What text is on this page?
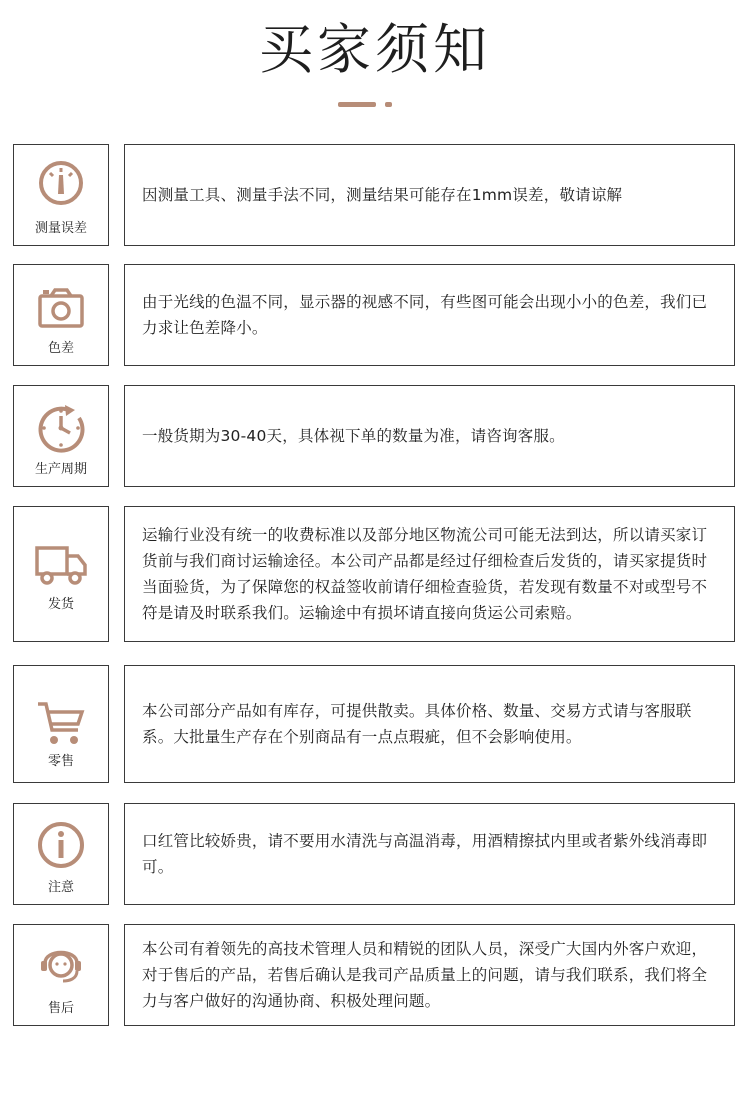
买家须知
测量误差
因测量工具、测量手法不同，测量结果可能存在1mm误差，敬请谅解
色差
由于光线的色温不同，显示器的视感不同，有些图可能会出现小小的色差，我们已力求让色差降小。
生产周期
一般货期为30-40天，具体视下单的数量为准，请咨询客服。
发货
运输行业没有统一的收费标准以及部分地区物流公司可能无法到达，所以请买家订货前与我们商讨运输途径。本公司产品都是经过仔细检查后发货的，请买家提货时当面验货，为了保障您的权益签收前请仔细检查验货，若发现有数量不对或型号不符是请及时联系我们。运输途中有损坏请直接向货运公司索赔。
零售
本公司部分产品如有库存，可提供散卖。具体价格、数量、交易方式请与客服联系。大批量生产存在个别商品有一点点瑕疵，但不会影响使用。
注意
口红管比较娇贵，请不要用水清洗与高温消毒，用酒精擦拭内里或者紫外线消毒即可。
售后
本公司有着领先的高技术管理人员和精锐的团队人员，深受广大国内外客户欢迎，对于售后的产品，若售后确认是我司产品质量上的问题，请与我们联系，我们将全力与客户做好的沟通协商、积极处理问题。
